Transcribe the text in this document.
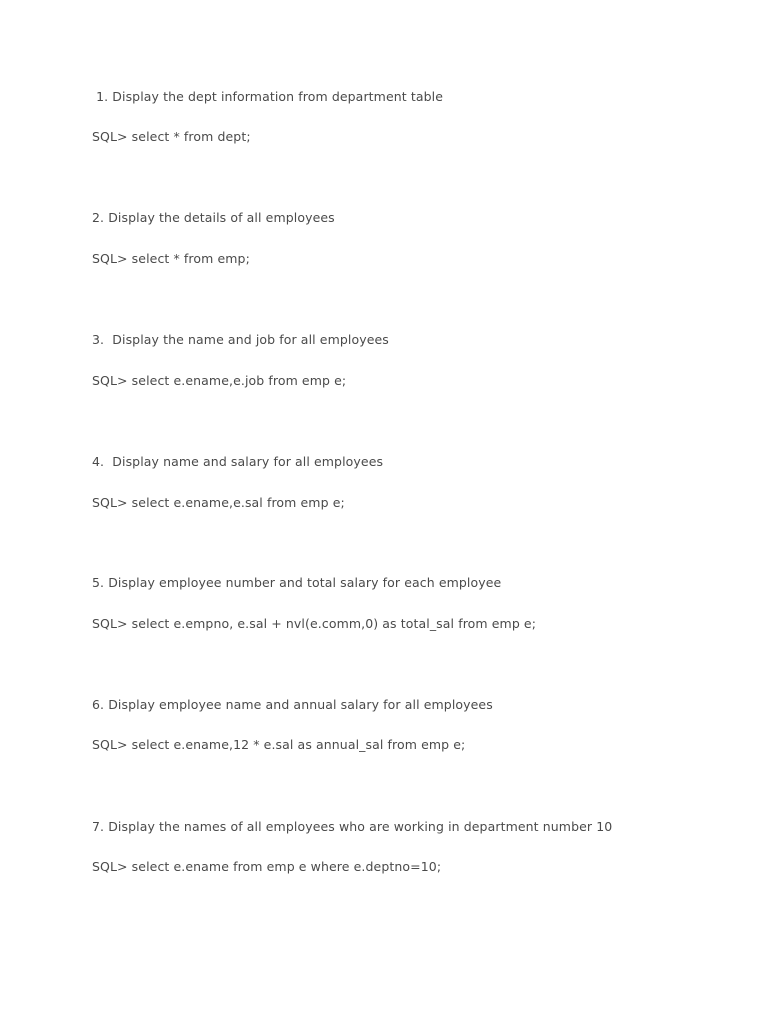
1. Display the dept information from department table
SQL> select * from dept;
2. Display the details of all employees
SQL> select * from emp;
3.  Display the name and job for all employees
SQL> select e.ename,e.job from emp e;
4.  Display name and salary for all employees
SQL> select e.ename,e.sal from emp e;
5. Display employee number and total salary for each employee
SQL> select e.empno, e.sal + nvl(e.comm,0) as total_sal from emp e;
6. Display employee name and annual salary for all employees
SQL> select e.ename,12 * e.sal as annual_sal from emp e;
7. Display the names of all employees who are working in department number 10
SQL> select e.ename from emp e where e.deptno=10;
